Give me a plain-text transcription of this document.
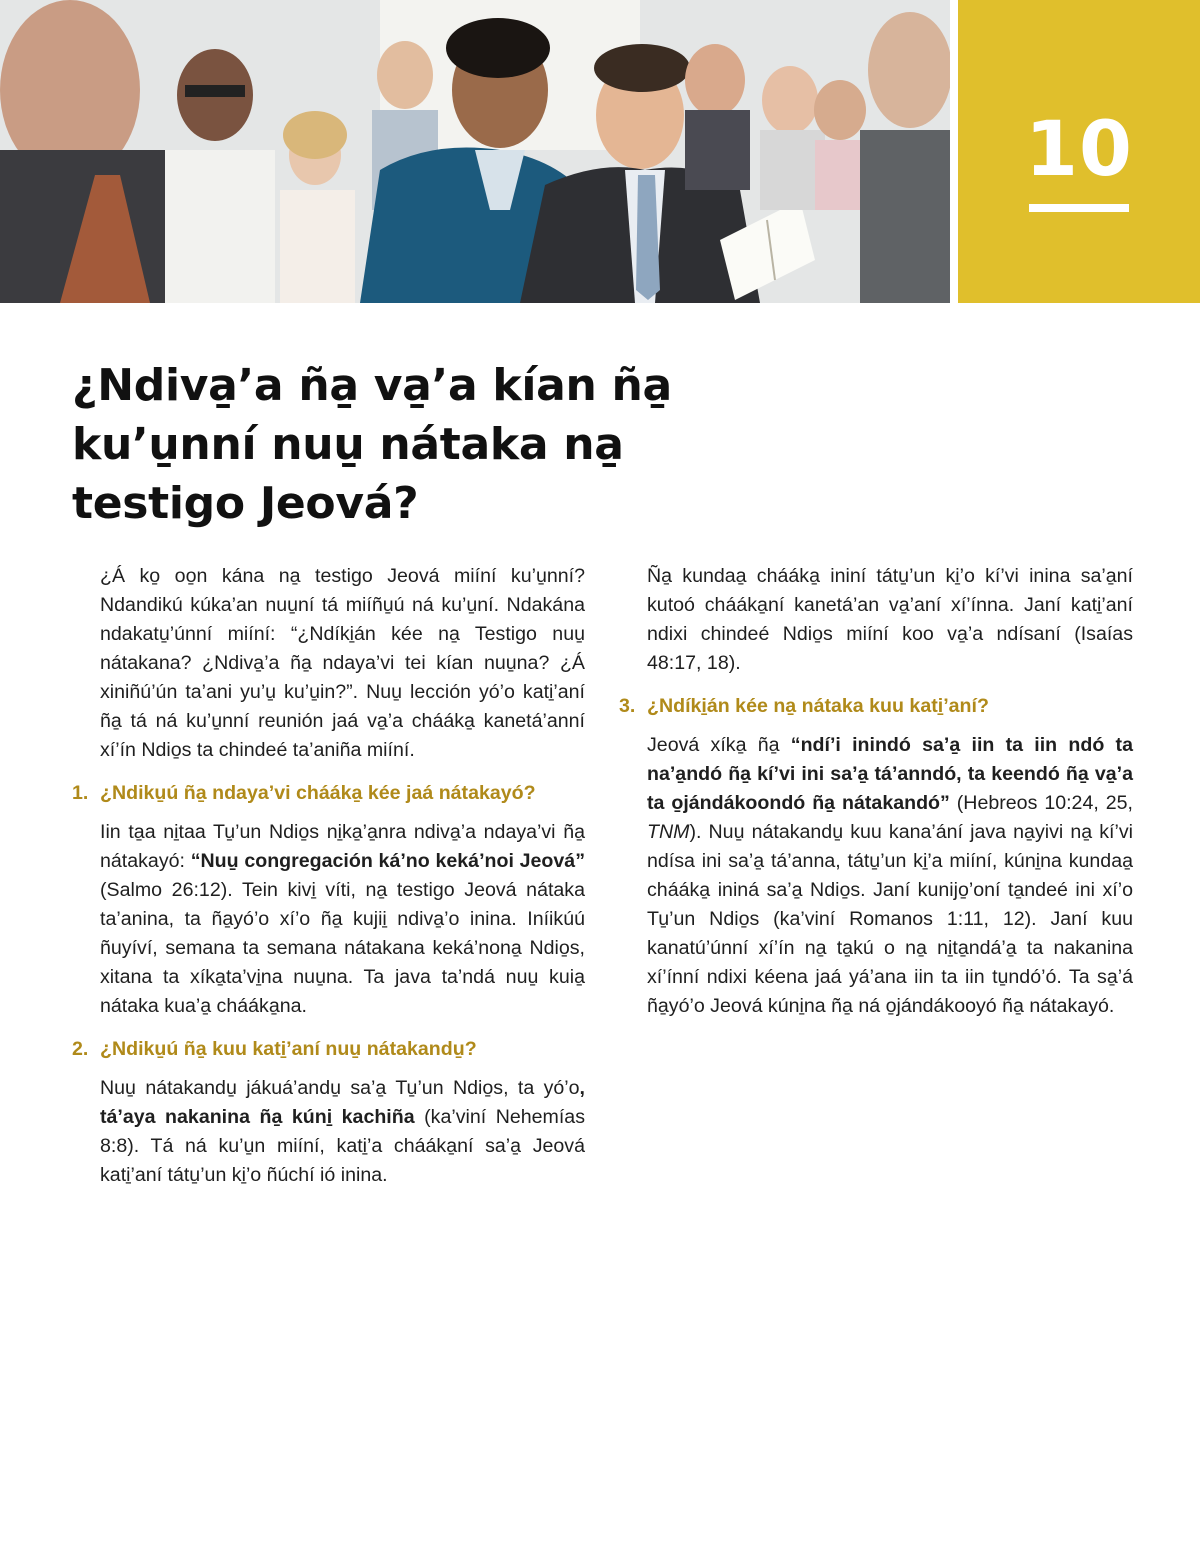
10
¿Ndiva̱’a ña̱ va̱’a kían ña̱ ku’u̱nní nuu̱ nátaka na̱ testigo Jeová?

¿Á ko̱ oo̱n kána na̱ testigo Jeová miíní ku’u̱nní? Ndandikú kúka’an nuu̱ní tá miíñu̱ú ná ku’u̱ní. Ndakána ndakatu̱’únní miíní: “¿Ndíki̱án kée na̱ Testigo nuu̱ nátakana? ¿Ndiva̱’a ña̱ ndaya’vi tei kían nuu̱na? ¿Á xiniñú’ún ta’ani yu’u̱ ku’u̱in?”. Nuu̱ lección yó’o kati̱’aní ña̱ tá ná ku’u̱nní reunión jaá va̱’a chááka̱ kanetá’anní xí’ín Ndio̱s ta chindeé ta’aniña miíní.

1. ¿Ndiku̱ú ña̱ ndaya’vi chááka̱ kée jaá nátakayó?

Iin ta̱a ni̱taa Tu̱’un Ndio̱s ni̱ka̱’a̱nra ndiva̱’a ndaya’vi ña̱ nátakayó: “Nuu̱ congregación ká’no keká’noi Jeová” (Salmo 26:12). Tein kivi̱ víti, na̱ testigo Jeová nátaka ta’anina, ta ña̱yó’o xí’o ña̱ kujii̱ ndiva̱’o inina. Iníikúú ñuyíví, semana ta semana nátakana keká’nona̱ Ndio̱s, xitana ta xíka̱ta’vi̱na nuu̱na. Ta java ta’ndá nuu̱ kuia̱ nátaka kua’a̱ chááka̱na.

2. ¿Ndiku̱ú ña̱ kuu kati̱’aní nuu̱ nátakandu̱?

Nuu̱ nátakandu̱ jákuá’andu̱ sa’a̱ Tu̱’un Ndio̱s, ta yó’o, tá’aya nakanina ña̱ kúni̱ kachiña (ka’viní Nehemías 8:8). Tá ná ku’u̱n miíní, kati̱’a chááka̱ní sa’a̱ Jeová kati̱’aní tátu̱’un ki̱’o ñúchí ió inina.

Ña̱ kundaa̱ chááka̱ ininí tátu̱’un ki̱’o kí’vi inina sa’a̱ní kutoó chááka̱ní kanetá’an va̱’aní xí’ínna. Janí kati̱’aní ndixi chindeé Ndio̱s miíní koo va̱’a ndísaní (Isaías 48:17, 18).

3. ¿Ndíki̱án kée na̱ nátaka kuu kati̱’aní?

Jeová xíka̱ ña̱ “ndí’i inindó sa’a̱ iin ta iin ndó ta na’a̱ndó ña̱ kí’vi ini sa’a̱ tá’anndó, ta keendó ña̱ va̱’a ta o̱jándákoondó ña̱ nátakandó” (Hebreos 10:24, 25, TNM). Nuu̱ nátakandu̱ kuu kana’ání java na̱yivi na̱ kí’vi ndísa ini sa’a̱ tá’anna, tátu̱’un ki̱’a miíní, kúni̱na kundaa̱ chááka̱ ininá sa’a̱ Ndio̱s. Janí kunijo̱’oní ta̱ndeé ini xí’o Tu̱’un Ndio̱s (ka’viní Romanos 1:11, 12). Janí kuu kanatú’únní xí’ín na̱ ta̱kú o na̱ ni̱ta̱ndá’a̱ ta nakanina xí’ínní ndixi kéena jaá yá’ana iin ta iin tu̱ndó’ó. Ta sa̱’á ña̱yó’o Jeová kúni̱na ña̱ ná o̱jándákooyó ña̱ nátakayó.
